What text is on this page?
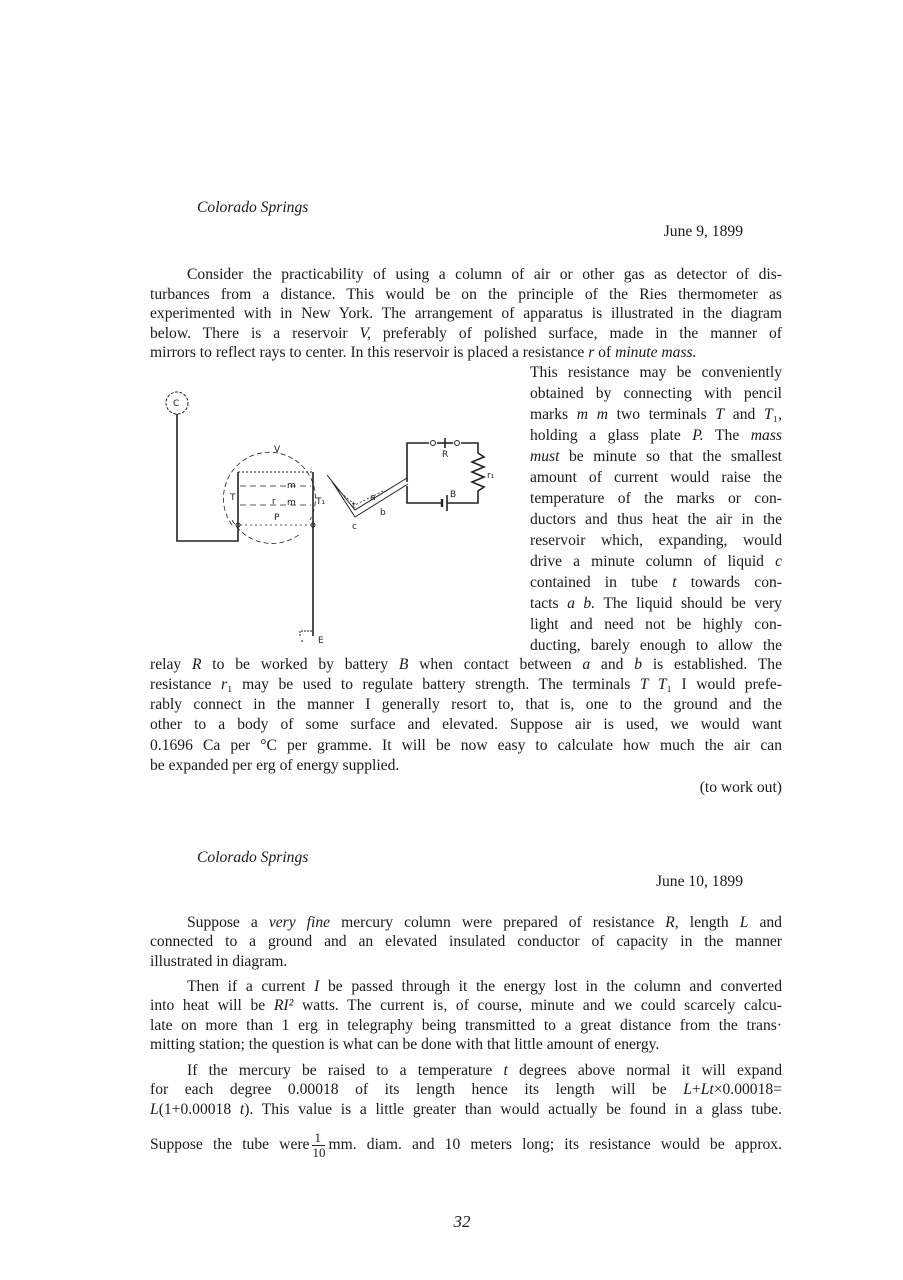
Colorado Springs
June 9, 1899
Consider the practicability of using a column of air or other gas as detector of dis-
turbances from a distance. This would be on the principle of the Ries thermometer as
experimented with in New York. The arrangement of apparatus is illustrated in the diagram
below. There is a reservoir V, preferably of polished surface, made in the manner of
mirrors to reflect rays to center. In this reservoir is placed a resistance r of minute mass.
This resistance may be conveniently
obtained by connecting with pencil
marks m m two terminals T and T₁,
holding a glass plate P. The mass
must be minute so that the smallest
amount of current would raise the
temperature of the marks or con-
ductors and thus heat the air in the
reservoir which, expanding, would
drive a minute column of liquid c
contained in tube t towards con-
tacts a b. The liquid should be very
light and need not be highly con-
ducting, barely enough to allow the
relay R to be worked by battery B when contact between a and b is established. The
resistance r₁ may be used to regulate battery strength. The terminals T T₁ I would prefe-
rably connect in the manner I generally resort to, that is, one to the ground and the
other to a body of some surface and elevated. Suppose air is used, we would want
0.1696 Ca per °C per gramme. It will be now easy to calculate how much the air can
be expanded per erg of energy supplied.
Suppose a very fine mercury column were prepared of resistance R, length L and
connected to a ground and an elevated insulated conductor of capacity in the manner
illustrated in diagram.
Then if a current I be passed through it the energy lost in the column and converted
into heat will be RI² watts. The current is, of course, minute and we could scarcely calcu-
late on more than 1 erg in telegraphy being transmitted to a great distance from the trans·
mitting station; the question is what can be done with that little amount of energy.
If the mercury be raised to a temperature t degrees above normal it will expand
for each degree 0.00018 of its length hence its length will be L+Lt×0.00018=
L(1+0.00018 t). This value is a little greater than would actually be found in a glass tube.
Suppose the tube were $\frac{1}{10}$ mm. diam. and 10 meters long; its resistance would be approx.
(to work out)
Colorado Springs
June 10, 1899
32
C
V
T	T₁
r
m
m
P
t
c
a
b
R
r₁
B
E
